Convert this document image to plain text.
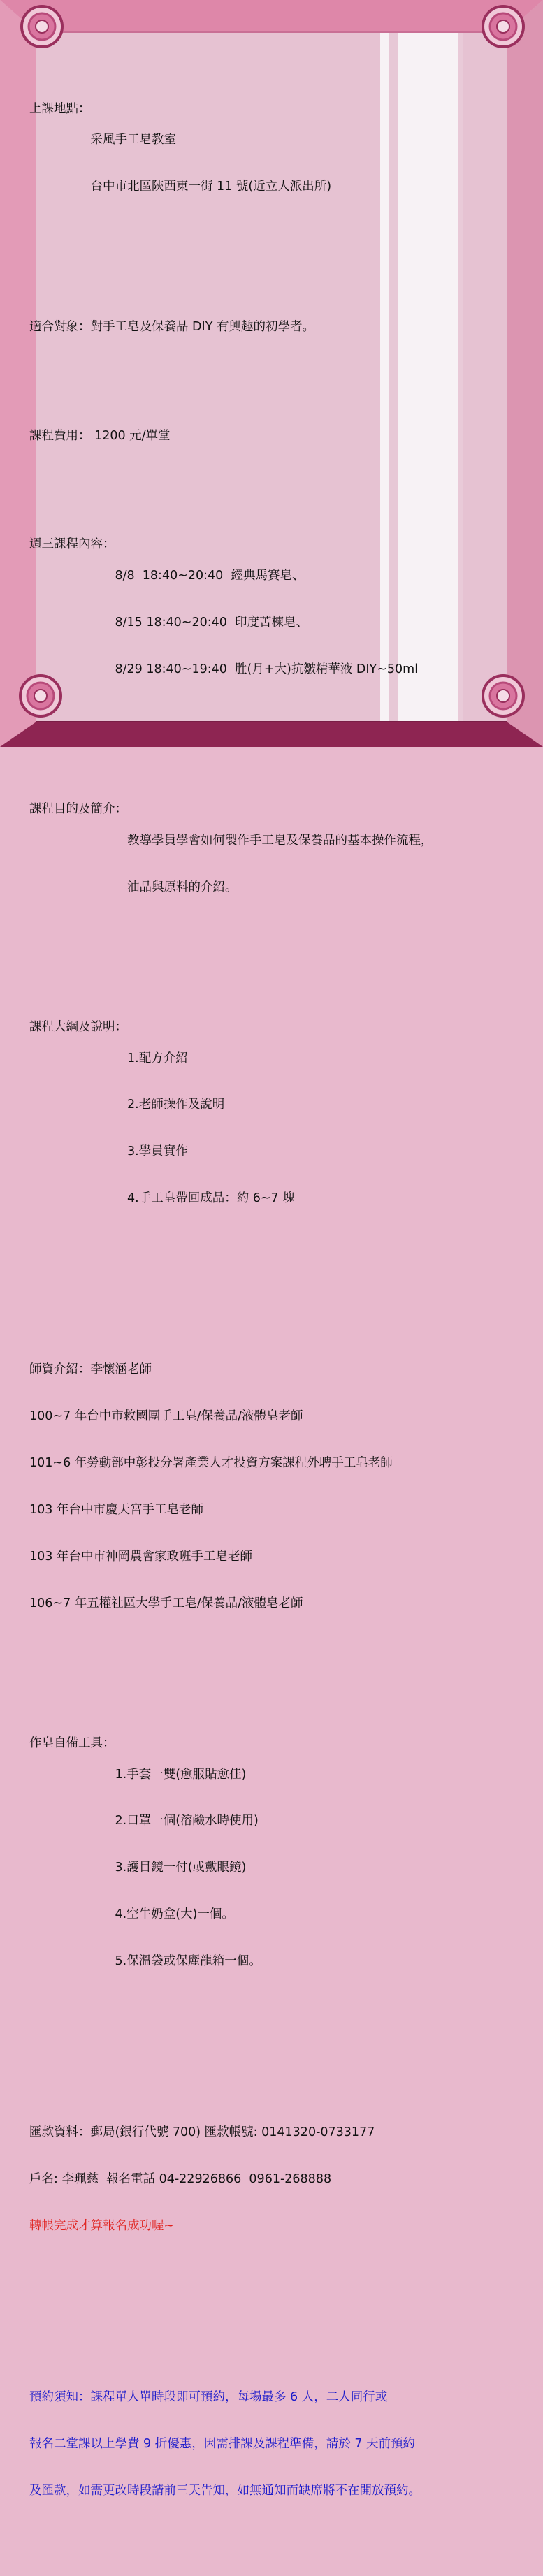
上課地點：

采風手工皂教室

台中市北區陝西東一街 11 號(近立人派出所)

適合對象： 對手工皂及保養品 DIY 有興趣的初學者。

課程費用： 1200 元/單堂

週三課程內容：

8/8  18:40~20:40  經典馬賽皂、

8/15 18:40~20:40  印度苦楝皂、

8/29 18:40~19:40  胜(月+大)抗皺精華液 DIY~50ml

課程目的及簡介：

教導學員學會如何製作手工皂及保養品的基本操作流程，

油品與原料的介紹。

課程大綱及說明：

1.配方介紹

2.老師操作及說明

3.學員實作

4.手工皂帶回成品：約 6~7 塊

師資介紹：李懷涵老師

100~7 年台中市救國團手工皂/保養品/液體皂老師

101~6 年勞動部中彰投分署產業人才投資方案課程外聘手工皂老師

103 年台中市慶天宮手工皂老師

103 年台中市神岡農會家政班手工皂老師

106~7 年五權社區大學手工皂/保養品/液體皂老師

作皂自備工具：

1.手套一雙(愈服貼愈佳)

2.口罩一個(溶鹼水時使用)

3.護目鏡一付(或戴眼鏡)

4.空牛奶盒(大)一個。

5.保溫袋或保麗龍箱一個。

匯款資料：郵局(銀行代號 700) 匯款帳號: 0141320-0733177

戶名: 李珮慈  報名電話 04-22926866  0961-268888

轉帳完成才算報名成功喔~

預約須知：課程單人單時段即可預約，每場最多 6 人，二人同行或

報名二堂課以上學費 9 折優惠，因需排課及課程準備，請於 7 天前預約

及匯款，如需更改時段請前三天告知，如無通知而缺席將不在開放預約。
